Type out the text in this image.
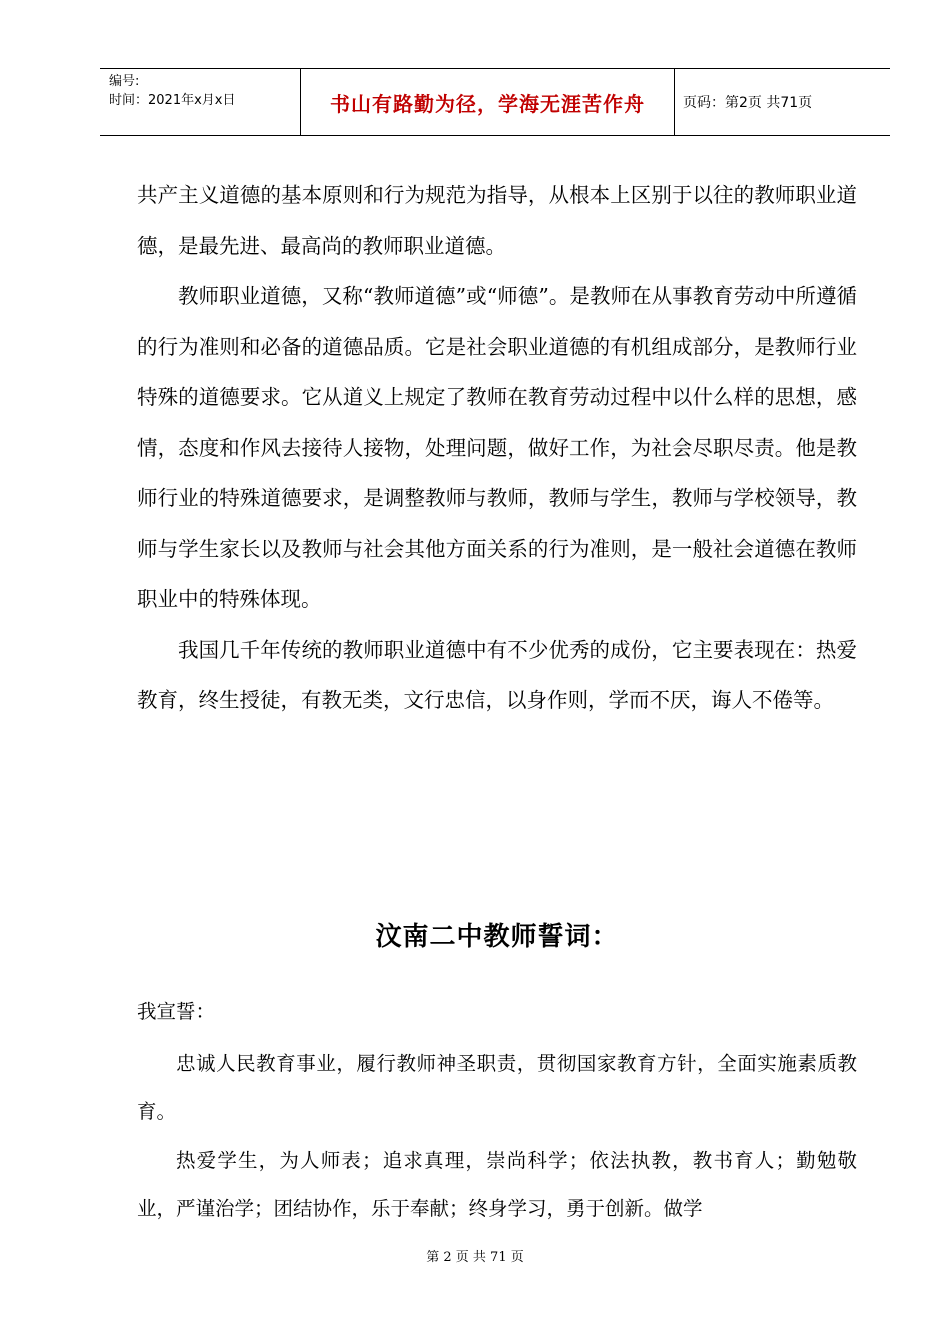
编号:
时间：2021年x月x日	书山有路勤为径，学海无涯苦作舟	页码：第2页 共71页

共产主义道德的基本原则和行为规范为指导，从根本上区别于以往的教师职业道德，是最先进、最高尚的教师职业道德。

教师职业道德，又称“教师道德”或“师德”。是教师在从事教育劳动中所遵循的行为准则和必备的道德品质。它是社会职业道德的有机组成部分，是教师行业特殊的道德要求。它从道义上规定了教师在教育劳动过程中以什么样的思想，感情，态度和作风去接待人接物，处理问题，做好工作，为社会尽职尽责。他是教师行业的特殊道德要求，是调整教师与教师，教师与学生，教师与学校领导，教师与学生家长以及教师与社会其他方面关系的行为准则，是一般社会道德在教师职业中的特殊体现。

我国几千年传统的教师职业道德中有不少优秀的成份，它主要表现在：热爱教育，终生授徒，有教无类，文行忠信，以身作则，学而不厌，诲人不倦等。

汶南二中教师誓词：

我宣誓：

忠诚人民教育事业，履行教师神圣职责，贯彻国家教育方针，全面实施素质教育。

热爱学生，为人师表；追求真理，崇尚科学；依法执教，教书育人；勤勉敬业，严谨治学；团结协作，乐于奉献；终身学习，勇于创新。做学

第 2 页 共 71 页
